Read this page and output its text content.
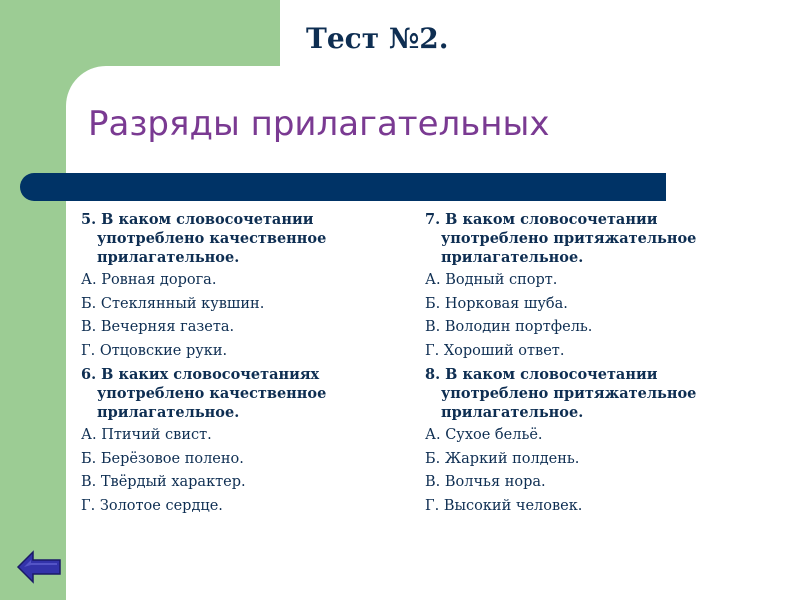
Тест №2.
Разряды прилагательных

5. В каком словосочетании употреблено качественное прилагательное.

А. Ровная дорога.

Б. Стеклянный кувшин.

В. Вечерняя газета.

Г. Отцовские руки.

6. В каких словосочетаниях употреблено качественное прилагательное.

А. Птичий свист.

Б. Берёзовое полено.

В. Твёрдый характер.

Г. Золотое сердце.

7. В каком словосочетании употреблено притяжательное прилагательное.

А. Водный спорт.

Б. Норковая шуба.

В. Володин портфель.

Г. Хороший ответ.

8. В каком словосочетании употреблено притяжательное прилагательное.

А. Сухое бельё.

Б. Жаркий полдень.

В. Волчья нора.

Г. Высокий человек.
